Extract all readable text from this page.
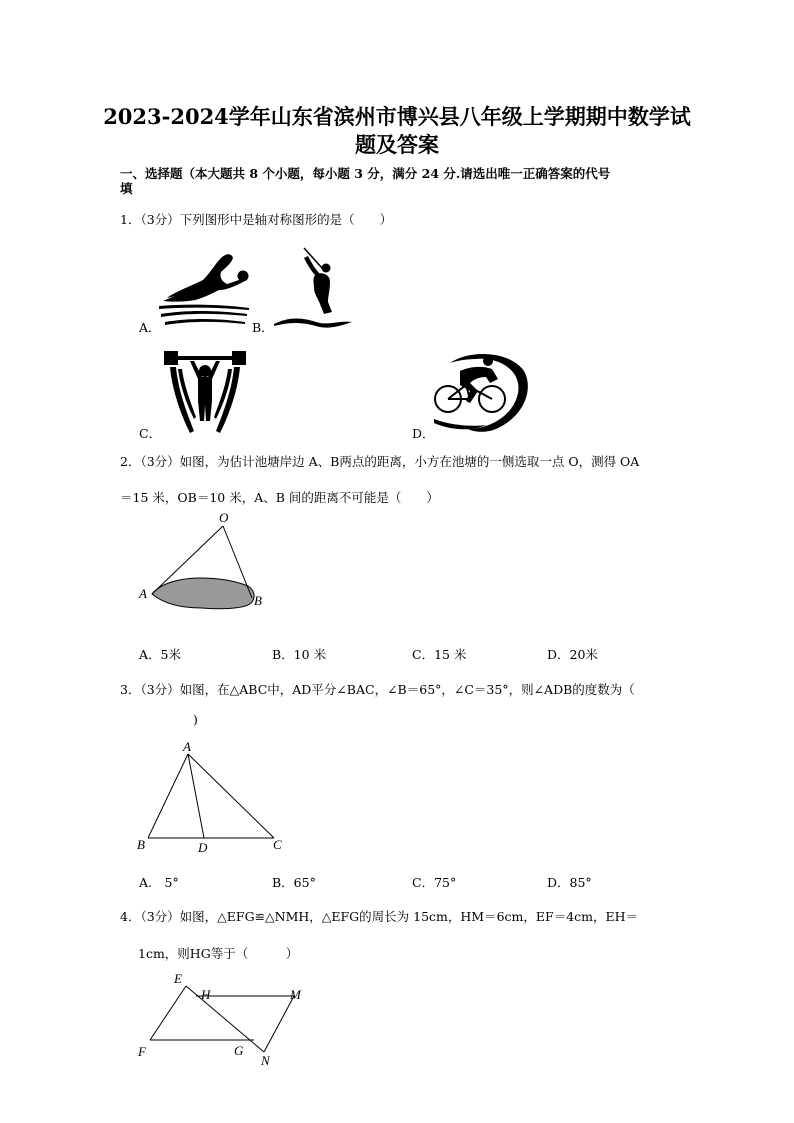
2023-2024学年山东省滨州市博兴县八年级上学期期中数学试
题及答案
一、选择题（本大题共 8 个小题，每小题 3 分，满分 24 分.请选出唯一正确答案的代号
填
1．（3分）下列图形中是轴对称图形的是（　　）
A．	B．
C．	D．
2．（3分）如图，为估计池塘岸边 A、B两点的距离，小方在池塘的一侧选取一点 O，测得 OA
＝15 米，OB＝10 米，A、B 间的距离不可能是（　　）
O
A	B
A．5米	B．10 米	C．15 米	D．20米
3．（3分）如图，在△ABC中，AD平分∠BAC，∠B＝65°，∠C＝35°，则∠ADB的度数为（
)
A
B	C
D
A.　5°	B．65°	C．75°	D．85°
4．（3分）如图，△EFG≌△NMH，△EFG的周长为 15cm，HM＝6cm，EF＝4cm，EH＝
1cm，则HG等于（　　　）
E
H	M
F	G
N
